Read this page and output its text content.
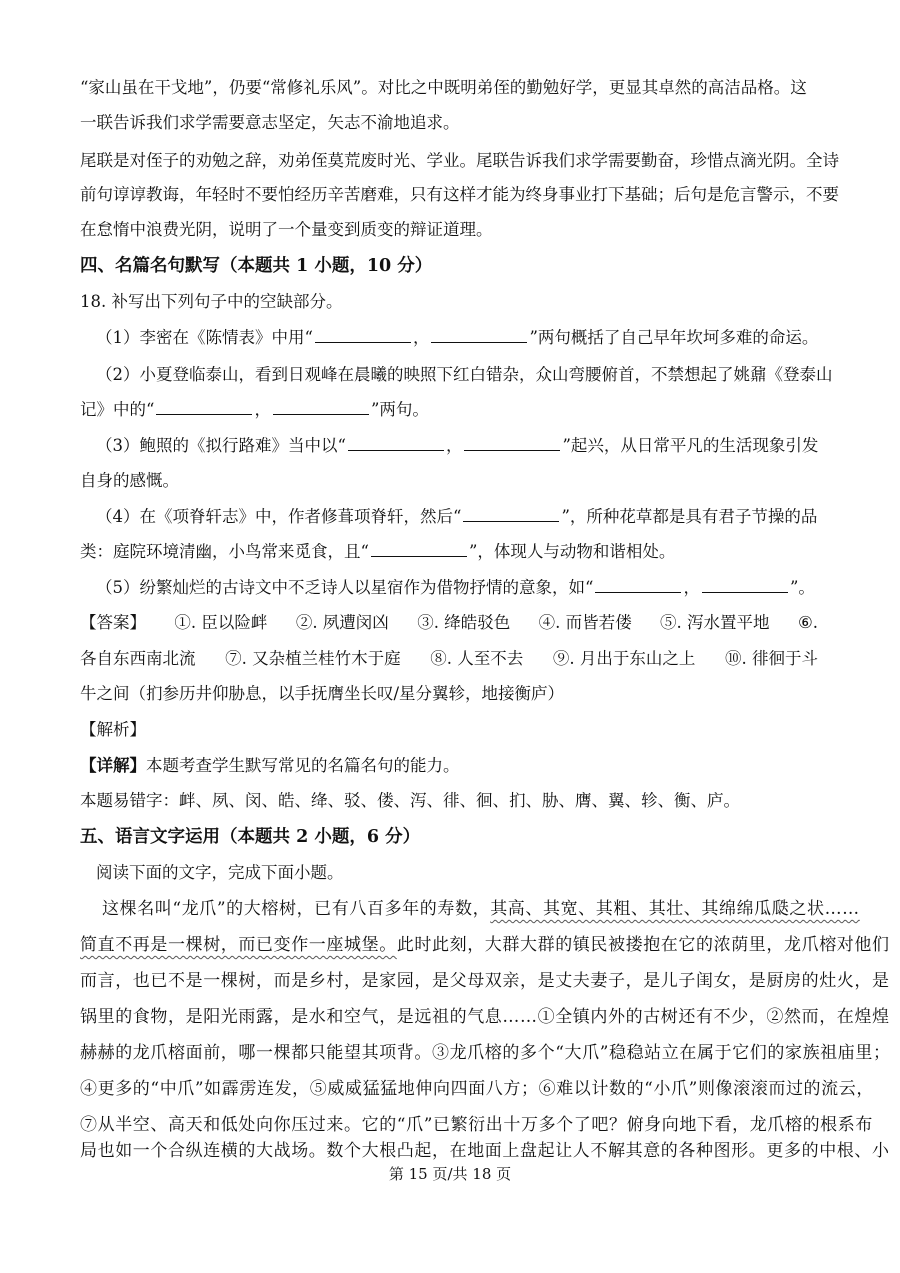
“家山虽在干戈地”，仍要“常修礼乐风”。对比之中既明弟侄的勤勉好学，更显其卓然的高洁品格。这
一联告诉我们求学需要意志坚定，矢志不渝地追求。
尾联是对侄子的劝勉之辞，劝弟侄莫荒废时光、学业。尾联告诉我们求学需要勤奋，珍惜点滴光阴。全诗
前句谆谆教诲，年轻时不要怕经历辛苦磨难，只有这样才能为终身事业打下基础；后句是危言警示，不要
在怠惰中浪费光阴，说明了一个量变到质变的辩证道理。
四、名篇名句默写（本题共 1 小题，10 分）
18. 补写出下列句子中的空缺部分。
（1）李密在《陈情表》中用“	，	”两句概括了自己早年坎坷多难的命运。
（2）小夏登临泰山，看到日观峰在晨曦的映照下红白错杂，众山弯腰俯首，不禁想起了姚鼐《登泰山
记》中的“	，	”两句。
（3）鲍照的《拟行路难》当中以“	，	”起兴，从日常平凡的生活现象引发
自身的感慨。
（4）在《项脊轩志》中，作者修葺项脊轩，然后“	”，所种花草都是具有君子节操的品
类：庭院环境清幽，小鸟常来觅食，且“	”，体现人与动物和谐相处。
（5）纷繁灿烂的古诗文中不乏诗人以星宿作为借物抒情的意象，如“	，	”。
【答案】 ①. 臣以险衅 ②. 夙遭闵凶 ③. 绛皓驳色 ④. 而皆若偻 ⑤. 泻水置平地 ⑥.
各自东西南北流 ⑦. 又杂植兰桂竹木于庭 ⑧. 人至不去 ⑨. 月出于东山之上 ⑩. 徘徊于斗
牛之间（扪参历井仰胁息，以手抚膺坐长叹/星分翼轸，地接衡庐）
【解析】
【详解】本题考查学生默写常见的名篇名句的能力。
本题易错字：衅、夙、闵、皓、绛、驳、偻、泻、徘、徊、扪、胁、膺、翼、轸、衡、庐。
五、语言文字运用（本题共 2 小题，6 分）
阅读下面的文字，完成下面小题。
这棵名叫“龙爪”的大榕树，已有八百多年的寿数，其高、其宽、其粗、其壮、其绵绵瓜瓞之状……
简直不再是一棵树，而已变作一座城堡。此时此刻，大群大群的镇民被搂抱在它的浓荫里，龙爪榕对他们
而言，也已不是一棵树，而是乡村，是家园，是父母双亲，是丈夫妻子，是儿子闺女，是厨房的灶火，是
锅里的食物，是阳光雨露，是水和空气，是远祖的气息……①全镇内外的古树还有不少，②然而，在煌煌
赫赫的龙爪榕面前，哪一棵都只能望其项背。③龙爪榕的多个“大爪”稳稳站立在属于它们的家族祖庙里；
④更多的“中爪”如霹雳连发，⑤威威猛猛地伸向四面八方；⑥难以计数的“小爪”则像滚滚而过的流云，
⑦从半空、高天和低处向你压过来。它的“爪”已繁衍出十万多个了吧？俯身向地下看，龙爪榕的根系布
局也如一个合纵连横的大战场。数个大根凸起，在地面上盘起让人不解其意的各种图形。更多的中根、小
第 15 页/共 18 页
